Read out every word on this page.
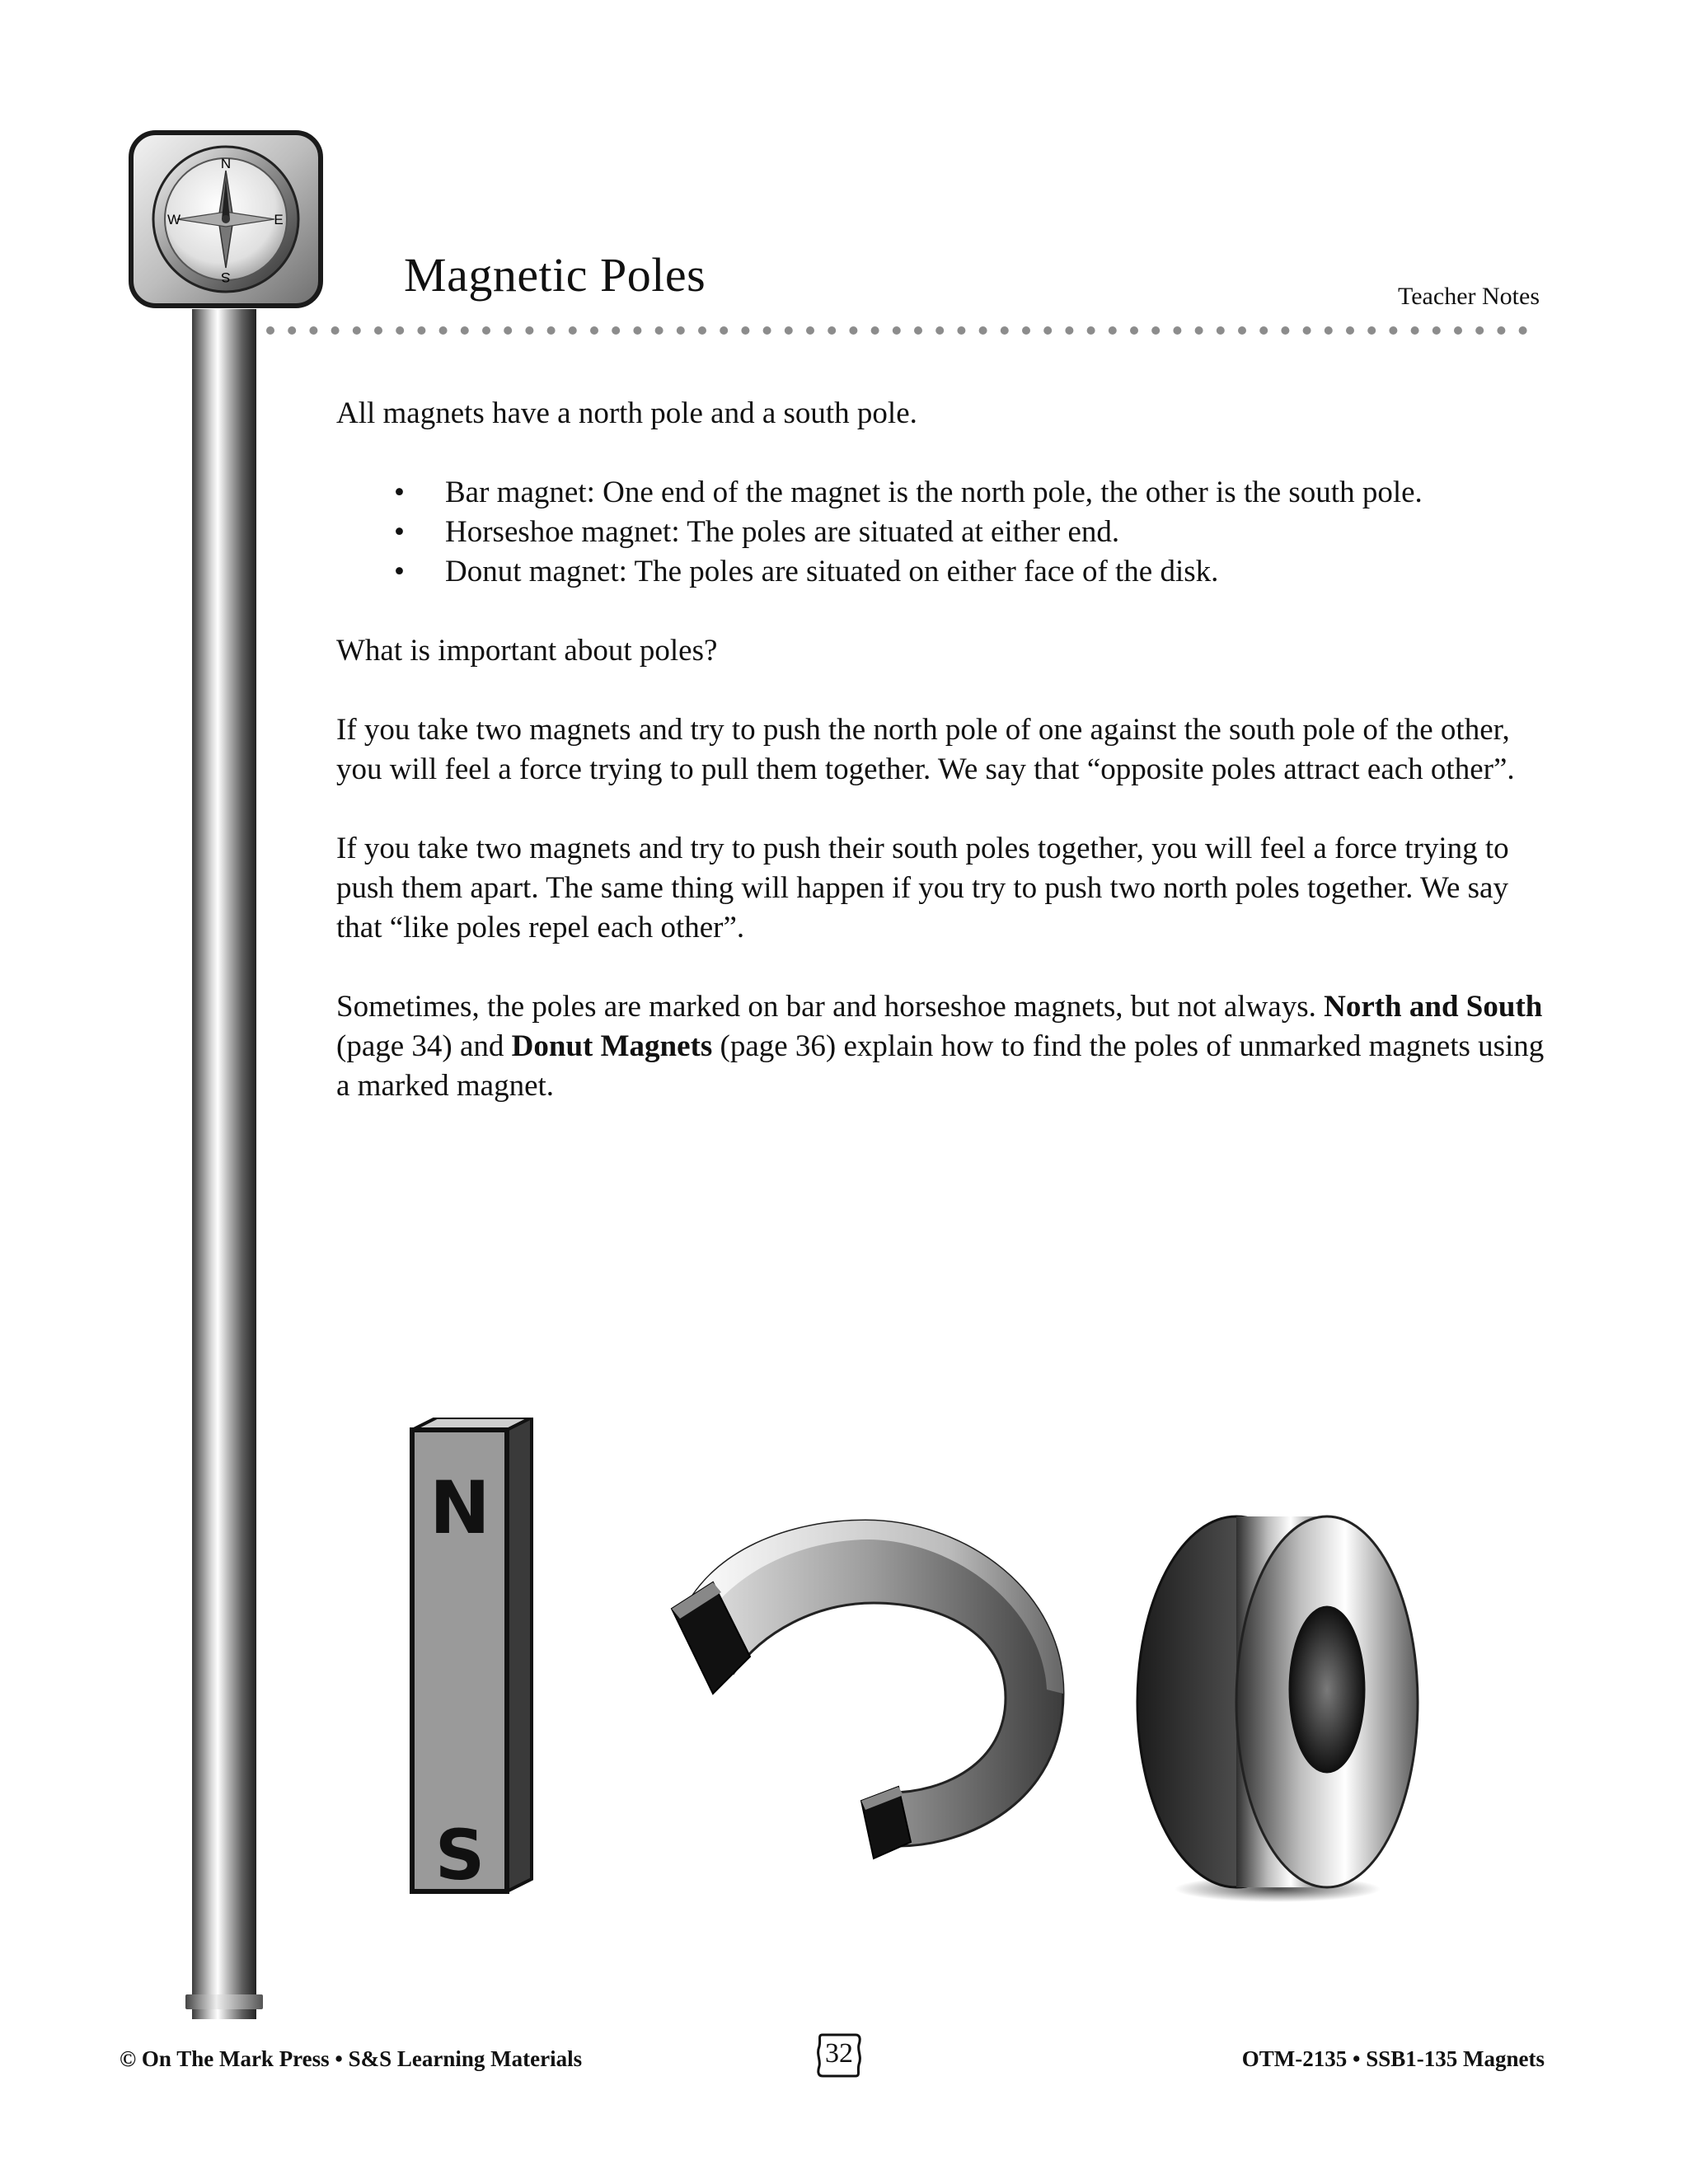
N
S
E
W
Magnetic Poles	Teacher Notes

All magnets have a north pole and a south pole.

• Bar magnet: One end of the magnet is the north pole, the other is the south pole.
• Horseshoe magnet: The poles are situated at either end.
• Donut magnet: The poles are situated on either face of the disk.

What is important about poles?

If you take two magnets and try to push the north pole of one against the south pole of the other, you will feel a force trying to pull them together. We say that “opposite poles attract each other”.

If you take two magnets and try to push their south poles together, you will feel a force trying to push them apart. The same thing will happen if you try to push two north poles together. We say that “like poles repel each other”.

Sometimes, the poles are marked on bar and horseshoe magnets, but not always. North and South (page 34) and Donut Magnets (page 36) explain how to find the poles of unmarked magnets using a marked magnet.

N
S
© On The Mark Press • S&S Learning Materials	32	OTM-2135 • SSB1-135 Magnets
